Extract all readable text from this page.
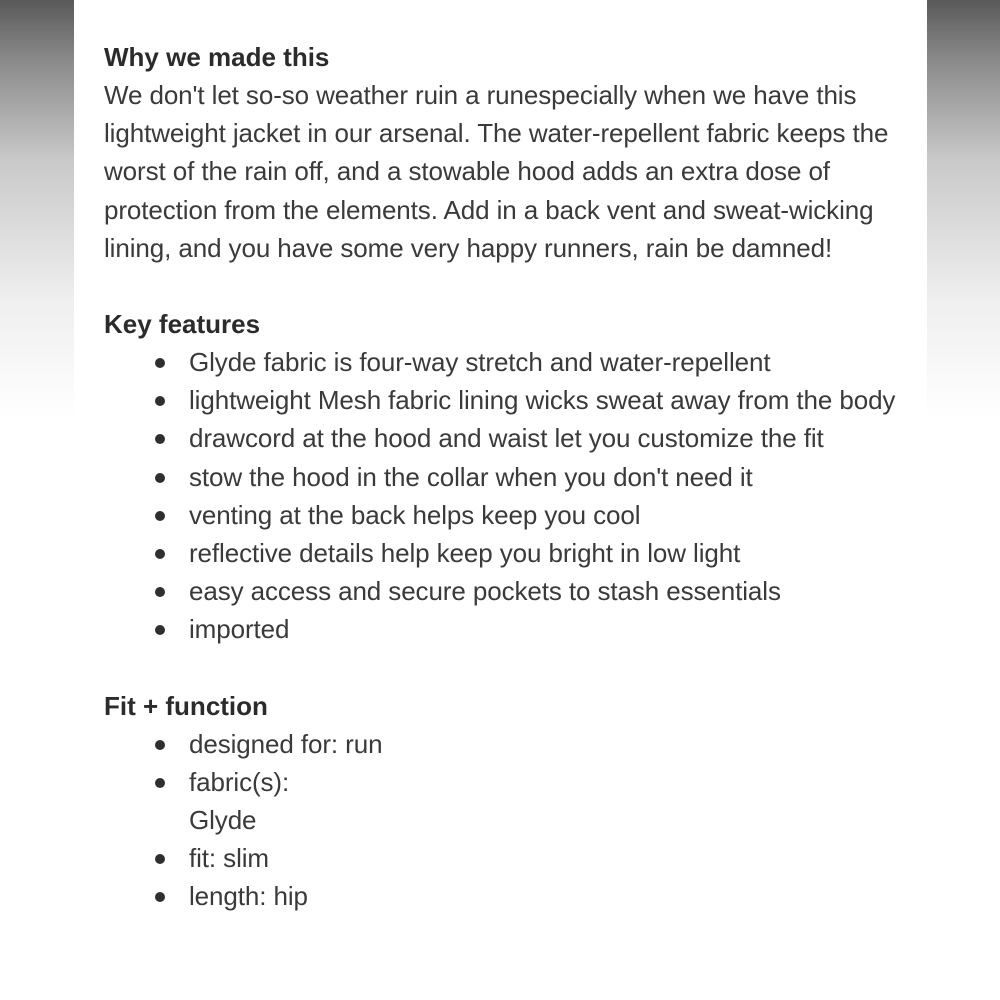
Why we made this

We don't let so-so weather ruin a runespecially when we have this lightweight jacket in our arsenal. The water-repellent fabric keeps the worst of the rain off, and a stowable hood adds an extra dose of protection from the elements. Add in a back vent and sweat-wicking lining, and you have some very happy runners, rain be damned!

Key features
Glyde fabric is four-way stretch and water-repellent
lightweight Mesh fabric lining wicks sweat away from the body
drawcord at the hood and waist let you customize the fit
stow the hood in the collar when you don't need it
venting at the back helps keep you cool
reflective details help keep you bright in low light
easy access and secure pockets to stash essentials
imported
Fit + function
designed for: run
fabric(s):
Glyde
fit: slim
length: hip
